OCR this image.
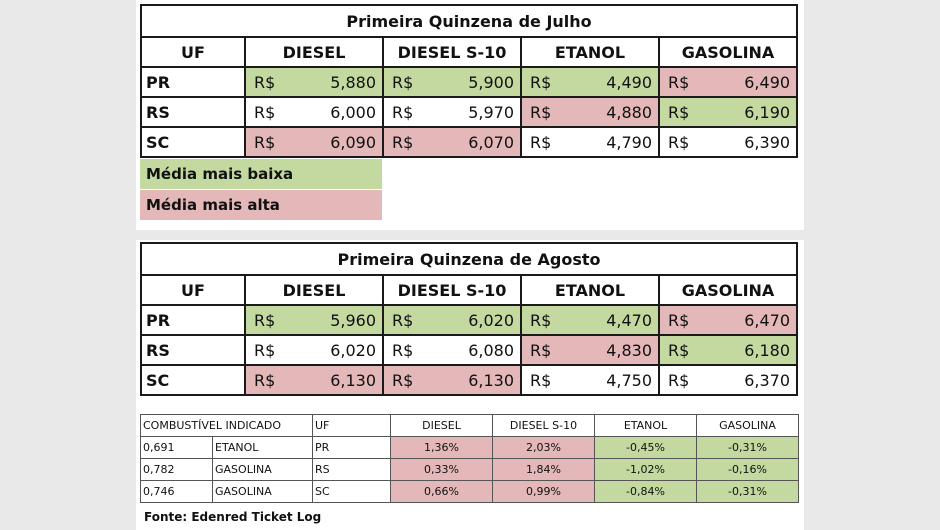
Primeira Quinzena de Julho				
UF	DIESEL	DIESEL S-10	ETANOL	GASOLINA
PR	R$ 5,880	R$ 5,900	R$ 4,490	R$ 6,490

RS	R$ 6,000	R$ 5,970	R$ 4,880	R$ 6,190

SC	R$ 6,090	R$ 6,070	R$ 4,790	R$ 6,390
Média mais baixa
Média mais alta
Primeira Quinzena de Agosto				
UF	DIESEL	DIESEL S-10	ETANOL	GASOLINA
PR	R$ 5,960	R$ 6,020	R$ 4,470	R$ 6,470

RS	R$ 6,020	R$ 6,080	R$ 4,830	R$ 6,180

SC	R$ 6,130	R$ 6,130	R$ 4,750	R$ 6,370
COMBUSTÍVEL INDICADO		UF	DIESEL	DIESEL S-10	ETANOL	GASOLINA
0,691	ETANOL	PR	1,36%	2,03%	-0,45%	-0,31%
0,782	GASOLINA	RS	0,33%	1,84%	-1,02%	-0,16%
0,746	GASOLINA	SC	0,66%	0,99%	-0,84%	-0,31%
Fonte: Edenred Ticket Log
